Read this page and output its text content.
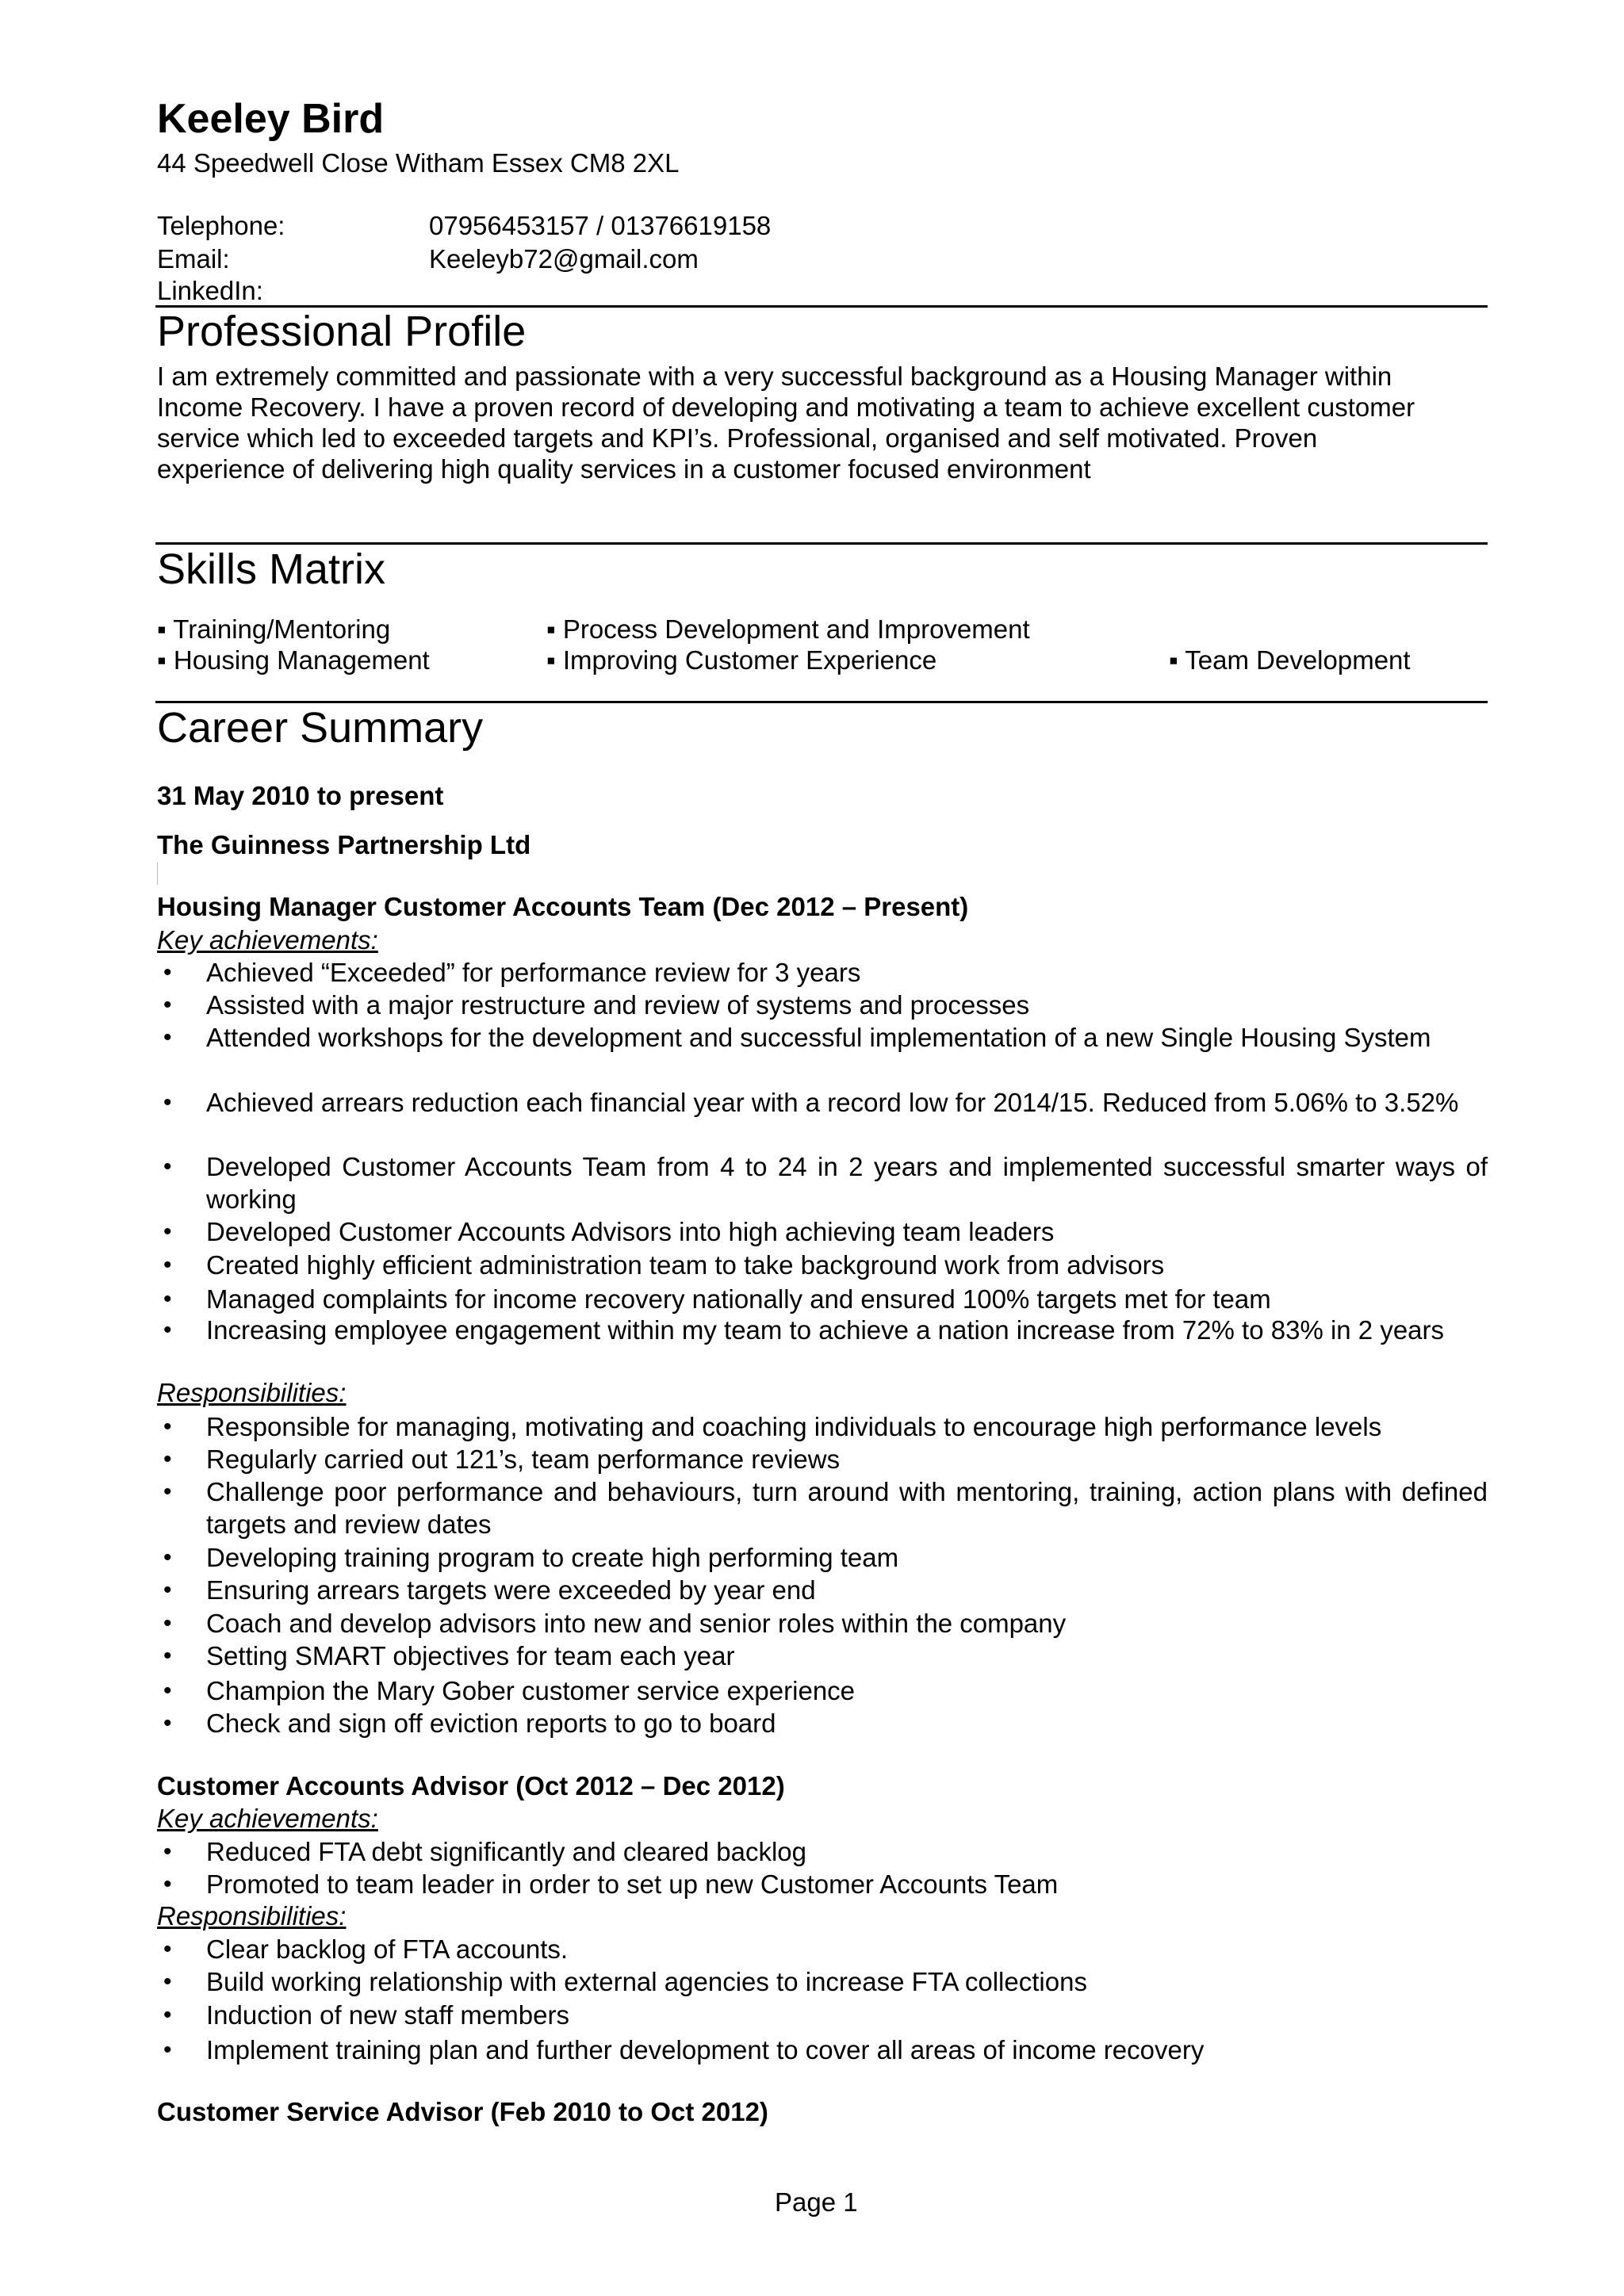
Keeley Bird
44 Speedwell Close Witham Essex CM8 2XL
Telephone:	07956453157 / 01376619158
Email:	Keeleyb72@gmail.com
LinkedIn:
Professional Profile
I am extremely committed and passionate with a very successful background as a Housing Manager within
Income Recovery. I have a proven record of developing and motivating a team to achieve excellent customer
service which led to exceeded targets and KPI’s. Professional, organised and self motivated. Proven
experience of delivering high quality services in a customer focused environment
Skills Matrix
▪ Training/Mentoring	▪ Process Development and Improvement
▪ Housing Management	▪ Improving Customer Experience	▪ Team Development
Career Summary
31 May 2010 to present
The Guinness Partnership Ltd
Housing Manager Customer Accounts Team (Dec 2012 – Present)
Key achievements:
• Achieved “Exceeded” for performance review for 3 years
• Assisted with a major restructure and review of systems and processes
• Attended workshops for the development and successful implementation of a new Single Housing System
• Achieved arrears reduction each financial year with a record low for 2014/15. Reduced from 5.06% to 3.52%
• Developed Customer Accounts Team from 4 to 24 in 2 years and implemented successful smarter ways of working
• Developed Customer Accounts Advisors into high achieving team leaders
• Created highly efficient administration team to take background work from advisors
• Managed complaints for income recovery nationally and ensured 100% targets met for team
• Increasing employee engagement within my team to achieve a nation increase from 72% to 83% in 2 years
Responsibilities:
• Responsible for managing, motivating and coaching individuals to encourage high performance levels
• Regularly carried out 121’s, team performance reviews
• Challenge poor performance and behaviours, turn around with mentoring, training, action plans with defined targets and review dates
• Developing training program to create high performing team
• Ensuring arrears targets were exceeded by year end
• Coach and develop advisors into new and senior roles within the company
• Setting SMART objectives for team each year
• Champion the Mary Gober customer service experience
• Check and sign off eviction reports to go to board
Customer Accounts Advisor (Oct 2012 – Dec 2012)
Key achievements:
• Reduced FTA debt significantly and cleared backlog
• Promoted to team leader in order to set up new Customer Accounts Team
Responsibilities:
• Clear backlog of FTA accounts.
• Build working relationship with external agencies to increase FTA collections
• Induction of new staff members
• Implement training plan and further development to cover all areas of income recovery
Customer Service Advisor (Feb 2010 to Oct 2012)
Page 1
